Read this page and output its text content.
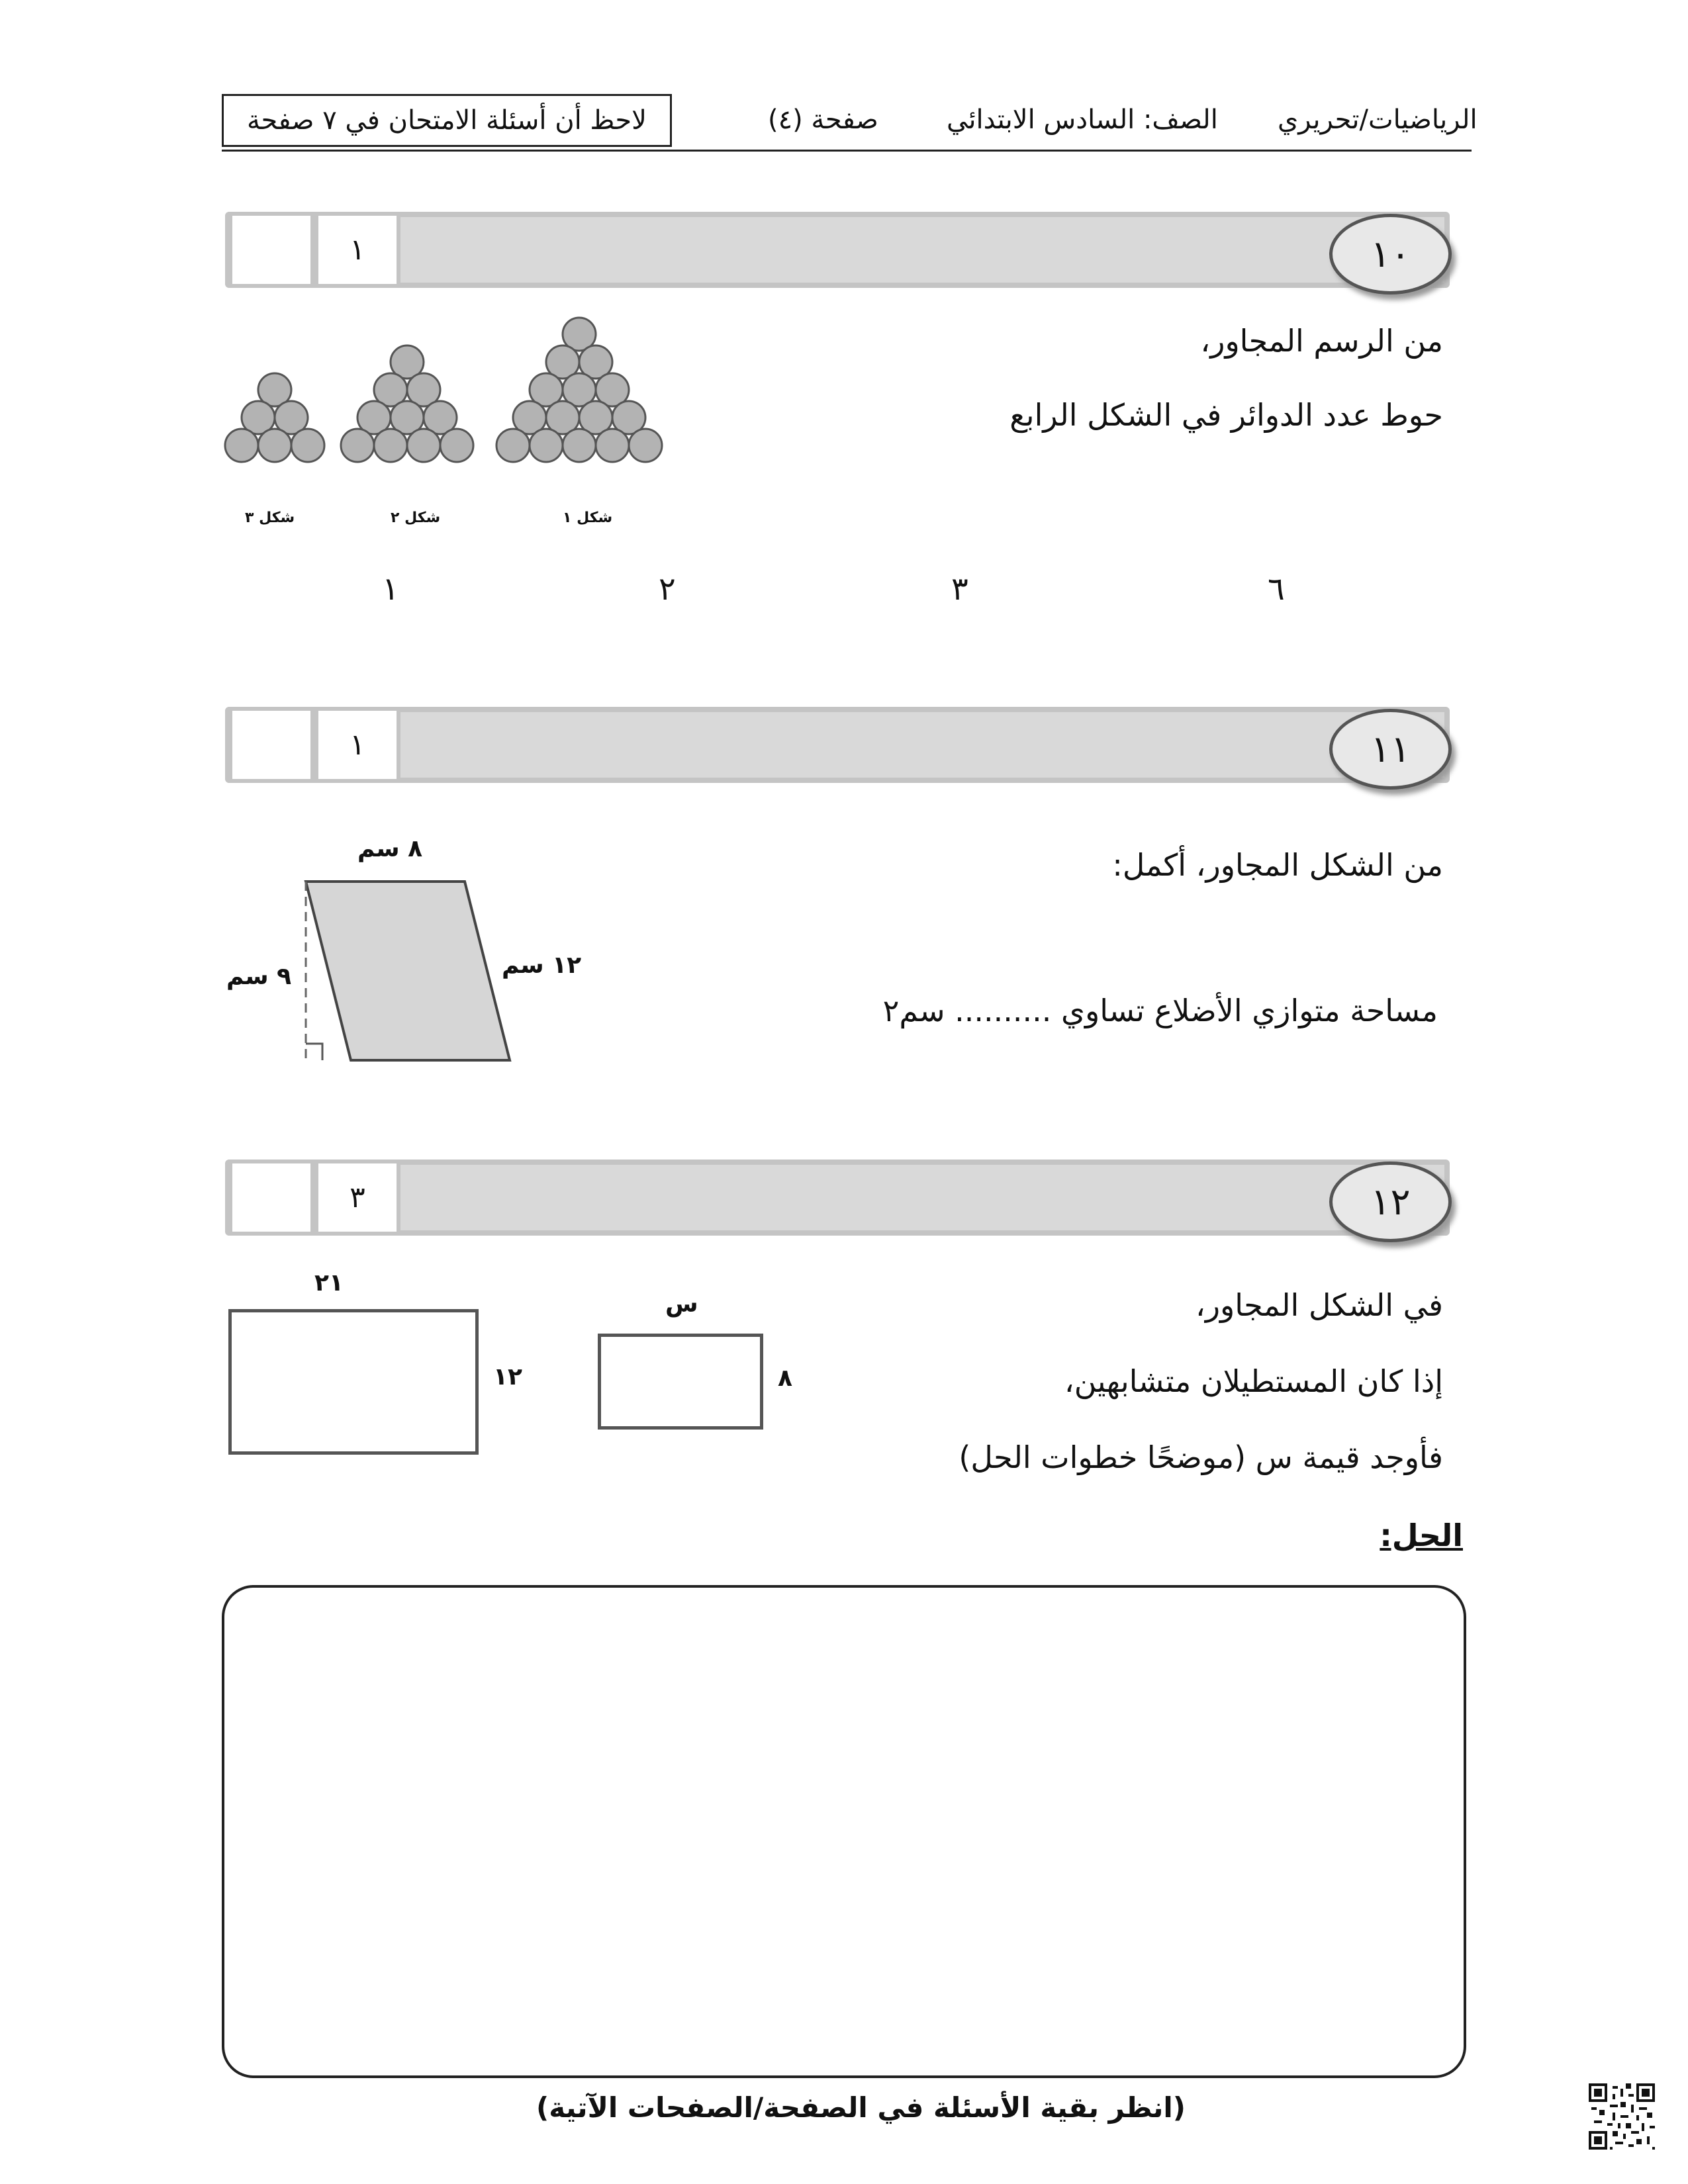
الرياضيات/تحريري
الصف: السادس الابتدائي
صفحة (٤)
لاحظ أن أسئلة الامتحان في ٧ صفحة
١	١٠
من الرسم المجاور،
حوط عدد الدوائر في الشكل الرابع
شكل ١
شكل ٢
شكل ٣
٦
٣
٢
١
١	١١
من الشكل المجاور، أكمل:
مساحة متوازي الأضلاع تساوي .......... سم٢
٨ سم
١٢ سم
٩ سم
٣	١٢
في الشكل المجاور،
إذا كان المستطيلان متشابهين،
فأوجد قيمة س (موضحًا خطوات الحل)
٢١
١٢
س
٨
الحل:
(انظر بقية الأسئلة في الصفحة/الصفحات الآتية)
